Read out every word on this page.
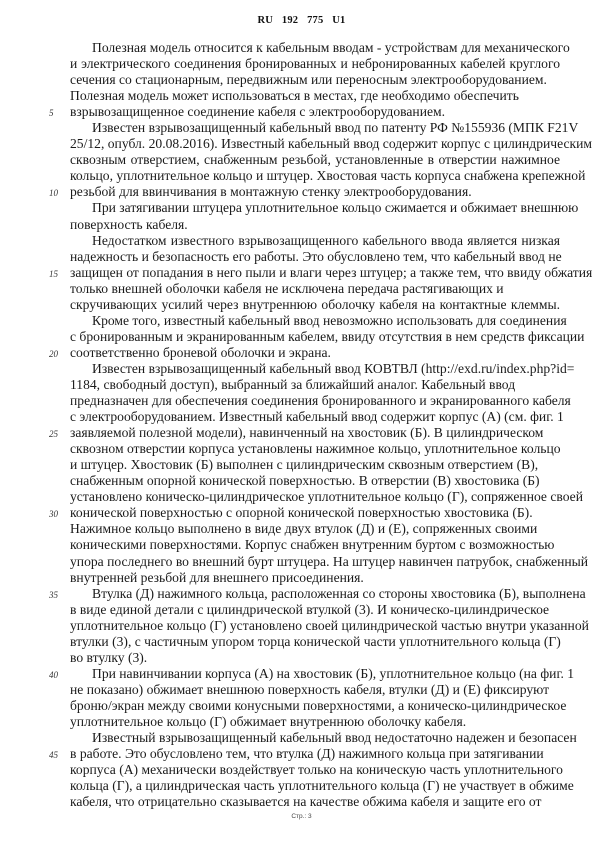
RU 192 775 U1
Полезная модель относится к кабельным вводам - устройствам для механического
и электрического соединения бронированных и небронированных кабелей круглого
сечения со стационарным, передвижным или переносным электрооборудованием.
Полезная модель может использоваться в местах, где необходимо обеспечить
взрывозащищенное соединение кабеля с электрооборудованием.
Известен взрывозащищенный кабельный ввод по патенту РФ №155936 (МПК F21V
25/12, опубл. 20.08.2016). Известный кабельный ввод содержит корпус с цилиндрическим
сквозным отверстием, снабженным резьбой, установленные в отверстии нажимное
кольцо, уплотнительное кольцо и штуцер. Хвостовая часть корпуса снабжена крепежной
резьбой для ввинчивания в монтажную стенку электрооборудования.
При затягивании штуцера уплотнительное кольцо сжимается и обжимает внешнюю
поверхность кабеля.
Недостатком известного взрывозащищенного кабельного ввода является низкая
надежность и безопасность его работы. Это обусловлено тем, что кабельный ввод не
защищен от попадания в него пыли и влаги через штуцер; а также тем, что ввиду обжатия
только внешней оболочки кабеля не исключена передача растягивающих и
скручивающих усилий через внутреннюю оболочку кабеля на контактные клеммы.
Кроме того, известный кабельный ввод невозможно использовать для соединения
с бронированным и экранированным кабелем, ввиду отсутствия в нем средств фиксации
соответственно броневой оболочки и экрана.
Известен взрывозащищенный кабельный ввод КОВТВЛ (http://exd.ru/index.php?id=
1184, свободный доступ), выбранный за ближайший аналог. Кабельный ввод
предназначен для обеспечения соединения бронированного и экранированного кабеля
с электрооборудованием. Известный кабельный ввод содержит корпус (А) (см. фиг. 1
заявляемой полезной модели), навинченный на хвостовик (Б). В цилиндрическом
сквозном отверстии корпуса установлены нажимное кольцо, уплотнительное кольцо
и штуцер. Хвостовик (Б) выполнен с цилиндрическим сквозным отверстием (В),
снабженным опорной конической поверхностью. В отверстии (В) хвостовика (Б)
установлено коническо-цилиндрическое уплотнительное кольцо (Г), сопряженное своей
конической поверхностью с опорной конической поверхностью хвостовика (Б).
Нажимное кольцо выполнено в виде двух втулок (Д) и (Е), сопряженных своими
коническими поверхностями. Корпус снабжен внутренним буртом с возможностью
упора последнего во внешний бурт штуцера. На штуцер навинчен патрубок, снабженный
внутренней резьбой для внешнего присоединения.
Втулка (Д) нажимного кольца, расположенная со стороны хвостовика (Б), выполнена
в виде единой детали с цилиндрической втулкой (3). И коническо-цилиндрическое
уплотнительное кольцо (Г) установлено своей цилиндрической частью внутри указанной
втулки (3), с частичным упором торца конической части уплотнительного кольца (Г)
во втулку (3).
При навинчивании корпуса (А) на хвостовик (Б), уплотнительное кольцо (на фиг. 1
не показано) обжимает внешнюю поверхность кабеля, втулки (Д) и (Е) фиксируют
броню/экран между своими конусными поверхностями, а коническо-цилиндрическое
уплотнительное кольцо (Г) обжимает внутреннюю оболочку кабеля.
Известный взрывозащищенный кабельный ввод недостаточно надежен и безопасен
в работе. Это обусловлено тем, что втулка (Д) нажимного кольца при затягивании
корпуса (А) механически воздействует только на коническую часть уплотнительного
кольца (Г), а цилиндрическая часть уплотнительного кольца (Г) не участвует в обжиме
кабеля, что отрицательно сказывается на качестве обжима кабеля и защите его от
5
10
15
20
25
30
35
40
45
Стр.: 3
